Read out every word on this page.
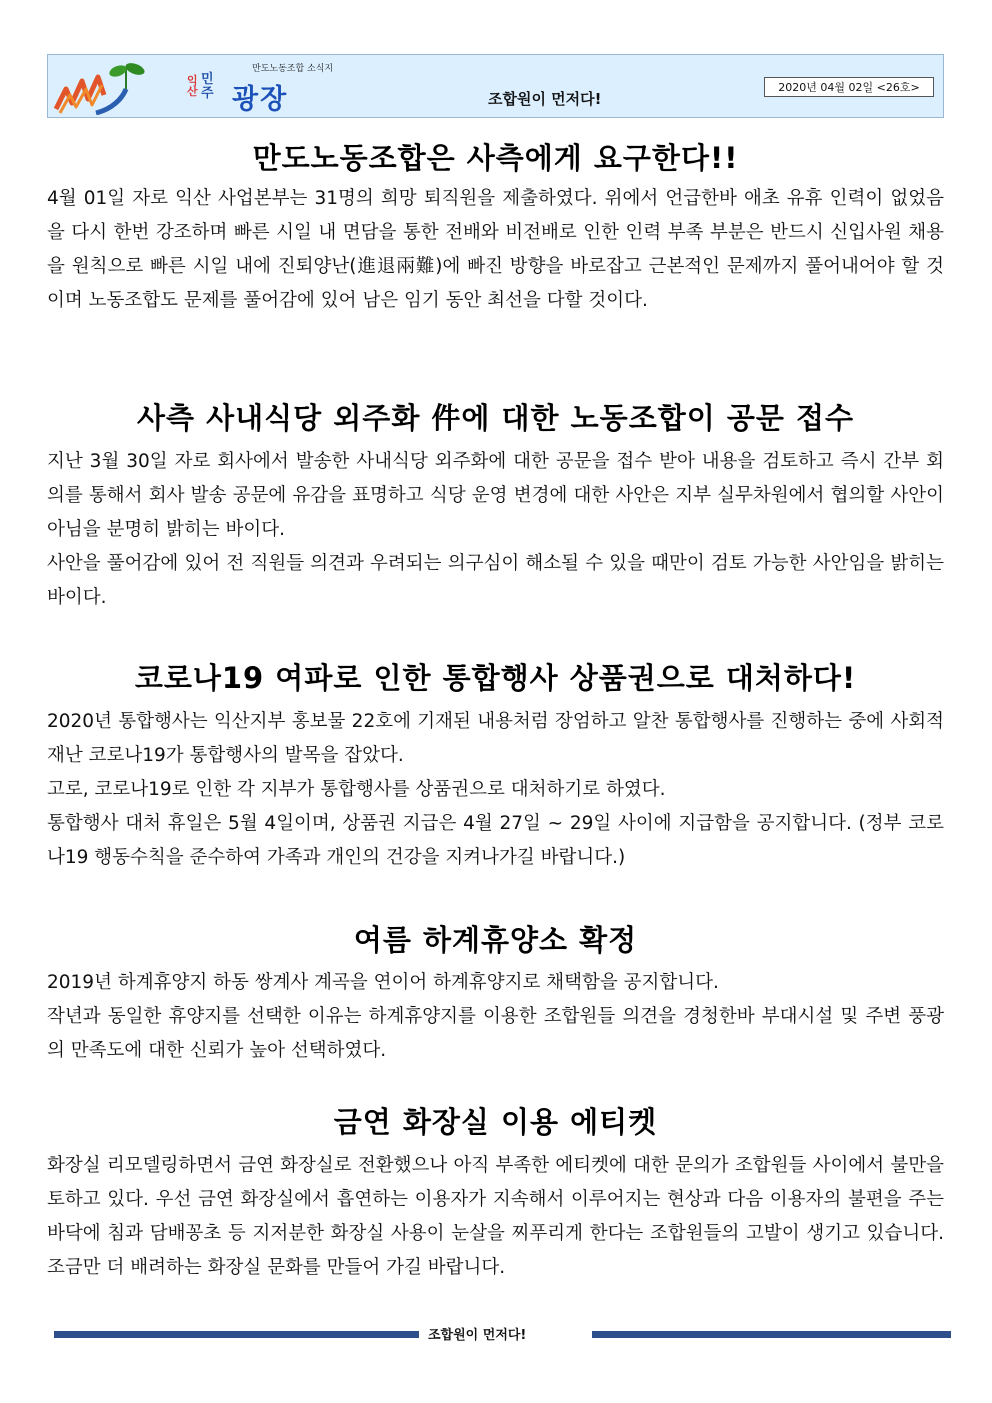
만도노동조합 소식지
익산
민주 광장	조합원이 먼저다!
2020년 04월 02일 <26호>
만도노동조합은 사측에게 요구한다!!

4월 01일 자로 익산 사업본부는 31명의 희망 퇴직원을 제출하였다. 위에서 언급한바 애초 유휴 인력이 없었음을 다시 한번 강조하며 빠른 시일 내 면담을 통한 전배와 비전배로 인한 인력 부족 부분은 반드시 신입사원 채용을 원칙으로 빠른 시일 내에 진퇴양난(進退兩難)에 빠진 방향을 바로잡고 근본적인 문제까지 풀어내어야 할 것이며 노동조합도 문제를 풀어감에 있어 남은 임기 동안 최선을 다할 것이다.

사측 사내식당 외주화 件에 대한 노동조합이 공문 접수

지난 3월 30일 자로 회사에서 발송한 사내식당 외주화에 대한 공문을 접수 받아 내용을 검토하고 즉시 간부 회의를 통해서 회사 발송 공문에 유감을 표명하고 식당 운영 변경에 대한 사안은 지부 실무차원에서 협의할 사안이 아님을 분명히 밝히는 바이다.

사안을 풀어감에 있어 전 직원들 의견과 우려되는 의구심이 해소될 수 있을 때만이 검토 가능한 사안임을 밝히는 바이다.

코로나19 여파로 인한 통합행사 상품권으로 대처하다!

2020년 통합행사는 익산지부 홍보물 22호에 기재된 내용처럼 장엄하고 알찬 통합행사를 진행하는 중에 사회적 재난 코로나19가 통합행사의 발목을 잡았다.

고로, 코로나19로 인한 각 지부가 통합행사를 상품권으로 대처하기로 하였다.

통합행사 대처 휴일은 5월 4일이며, 상품권 지급은 4월 27일 ~ 29일 사이에 지급함을 공지합니다. (정부 코로나19 행동수칙을 준수하여 가족과 개인의 건강을 지켜나가길 바랍니다.)

여름 하계휴양소 확정

2019년 하계휴양지 하동 쌍계사 계곡을 연이어 하계휴양지로 채택함을 공지합니다.

작년과 동일한 휴양지를 선택한 이유는 하계휴양지를 이용한 조합원들 의견을 경청한바 부대시설 및 주변 풍광의 만족도에 대한 신뢰가 높아 선택하였다.

금연 화장실 이용 에티켓

화장실 리모델링하면서 금연 화장실로 전환했으나 아직 부족한 에티켓에 대한 문의가 조합원들 사이에서 불만을 토하고 있다. 우선 금연 화장실에서 흡연하는 이용자가 지속해서 이루어지는 현상과 다음 이용자의 불편을 주는 바닥에 침과 담배꽁초 등 지저분한 화장실 사용이 눈살을 찌푸리게 한다는 조합원들의 고발이 생기고 있습니다. 조금만 더 배려하는 화장실 문화를 만들어 가길 바랍니다.

조합원이 먼저다!
